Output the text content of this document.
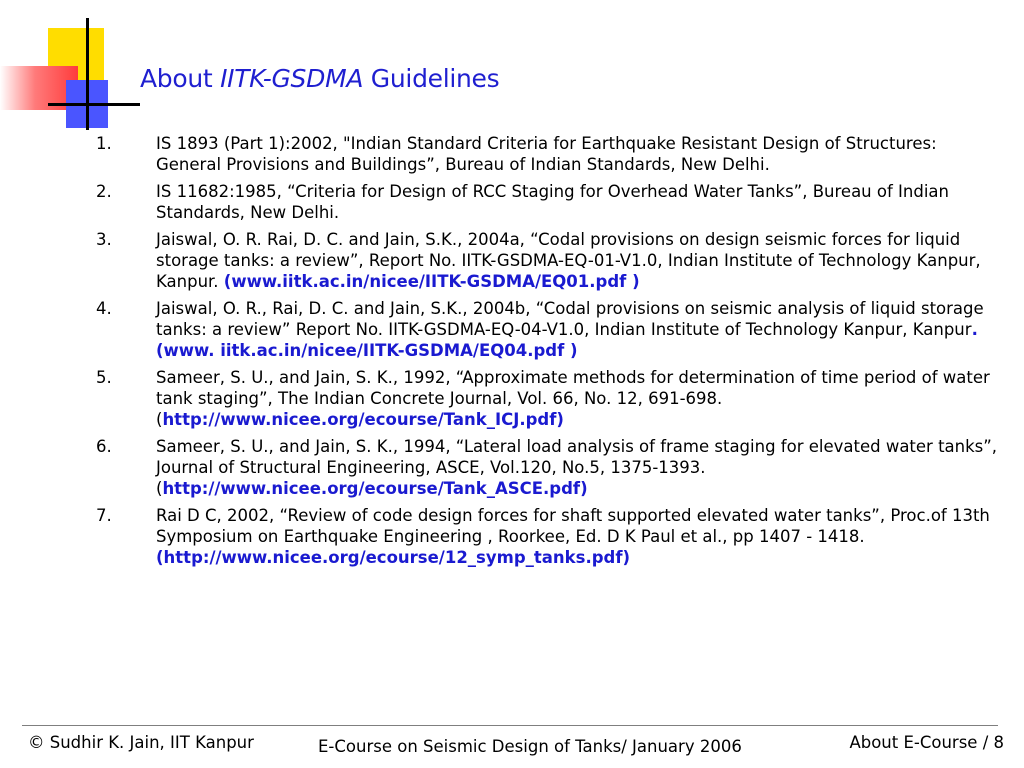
About IITK-GSDMA Guidelines
1.	IS 1893 (Part 1):2002, "Indian Standard Criteria for Earthquake Resistant Design of Structures: General Provisions and Buildings”, Bureau of Indian Standards, New Delhi.
2.	IS 11682:1985, “Criteria for Design of RCC Staging for Overhead Water Tanks”, Bureau of Indian Standards, New Delhi.
3.	Jaiswal, O. R. Rai, D. C. and Jain, S.K., 2004a, “Codal provisions on design seismic forces for liquid storage tanks: a review”, Report No. IITK-GSDMA-EQ-01-V1.0, Indian Institute of Technology Kanpur, Kanpur. (www.iitk.ac.in/nicee/IITK-GSDMA/EQ01.pdf )
4.	Jaiswal, O. R., Rai, D. C. and Jain, S.K., 2004b, “Codal provisions on seismic analysis of liquid storage tanks: a review” Report No. IITK-GSDMA-EQ-04-V1.0, Indian Institute of Technology Kanpur, Kanpur. (www. iitk.ac.in/nicee/IITK-GSDMA/EQ04.pdf )
5.	Sameer, S. U., and Jain, S. K., 1992, “Approximate methods for determination of time period of water tank staging”, The Indian Concrete Journal, Vol. 66, No. 12, 691-698. (http://www.nicee.org/ecourse/Tank_ICJ.pdf)
6.	Sameer, S. U., and Jain, S. K., 1994, “Lateral load analysis of frame staging for elevated water tanks”, Journal of Structural Engineering, ASCE, Vol.120, No.5, 1375-1393. (http://www.nicee.org/ecourse/Tank_ASCE.pdf)
7.	Rai D C, 2002, “Review of code design forces for shaft supported elevated water tanks”, Proc.of 13th Symposium on Earthquake Engineering , Roorkee, Ed. D K Paul et al., pp 1407 - 1418. (http://www.nicee.org/ecourse/12_symp_tanks.pdf)
© Sudhir K. Jain, IIT Kanpur	E-Course on Seismic Design of Tanks/ January 2006	About E-Course / 8
